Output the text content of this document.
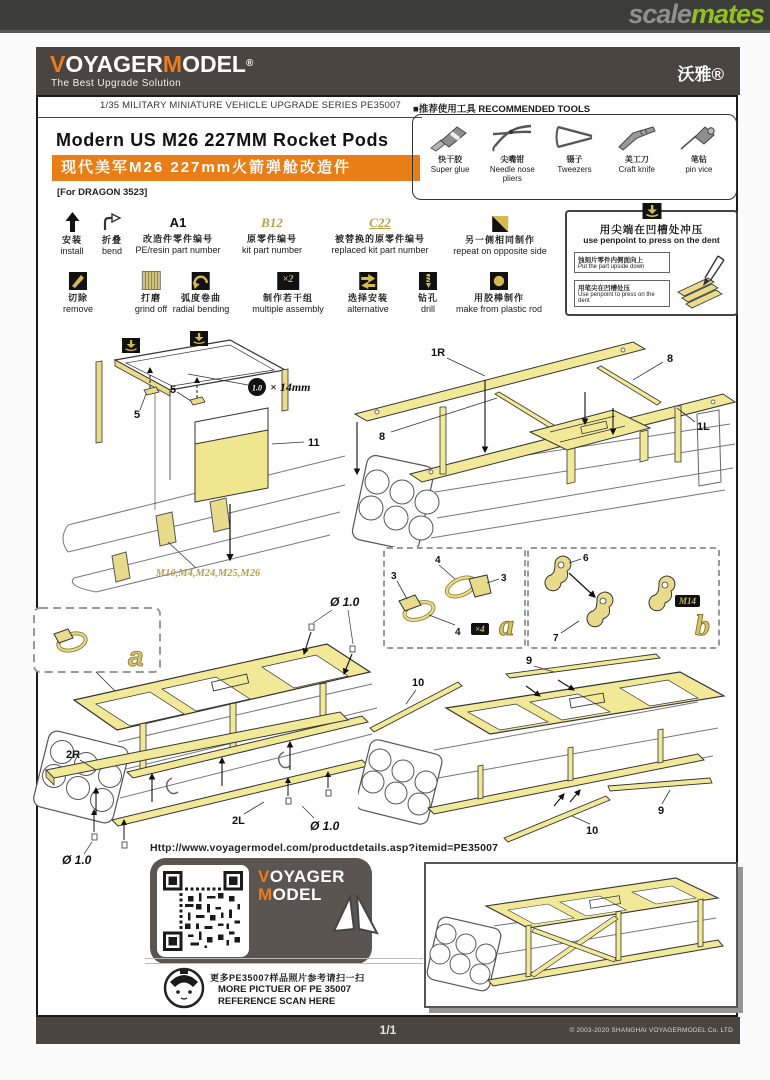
scalemates
VOYAGERMODEL®
The Best Upgrade Solution	沃雅®
1/35 MILITARY MINIATURE VEHICLE UPGRADE SERIES PE35007
Modern US M26 227MM Rocket Pods
现代美军M26 227mm火箭弹舱改造件
[For DRAGON 3523]
■推荐使用工具 RECOMMENDED TOOLS
快干胶
Super glue
尖嘴钳
Needle nose pliers
镊子
Tweezers
美工刀
Craft knife
笔钻
pin vice
安装
install
折叠
bend
A1
改造件零件编号
PE/resin part number
B12
原零件编号
kit part number
C22
被替换的原零件编号
replaced kit part number
另一侧相同制作
repeat on opposite side
切除
remove
打磨
grind off
弧度卷曲
radial bending
×2
制作若干组
multiple assembly
选择安装
alternative
钻孔
drill
用胶棒制作
make from plastic rod
用尖端在凹槽处冲压
use penpoint to press on the dent
蚀刻片零件内侧面向上
Put the part upside down
用笔尖在凹槽处压
Use penpoint to press on the dent
5
5	1.0 × 14mm
11
M10,M4,M24,M25,M26
1R	8
8
1L
3
4
3
4	×4 a
6
7
M14
b
a
Ø 1.0
2R
2L
Ø 1.0
Ø 1.0
9
10
10
9
Http://www.voyagermodel.com/productdetails.asp?itemid=PE35007
VOYAGER
MODEL
更多PE35007样品照片参考请扫一扫
MORE PICTUER OF PE 35007
REFERENCE SCAN HERE
1/1	© 2003-2020 SHANGHAI VOYAGERMODEL Co. LTD
